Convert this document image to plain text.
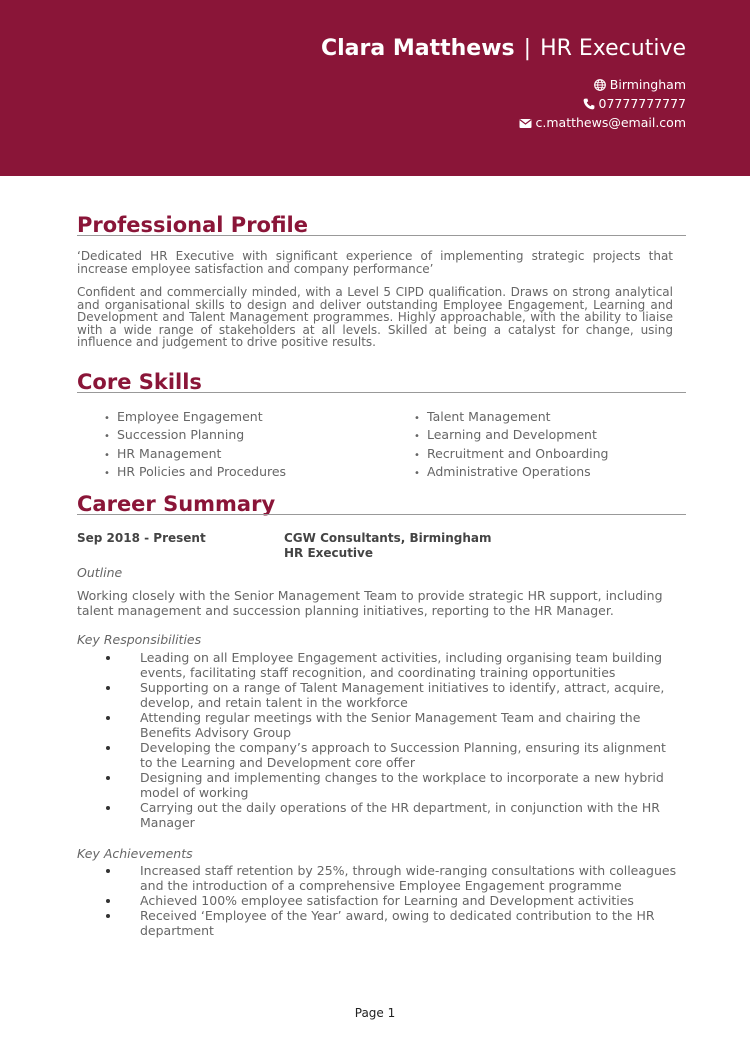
Clara Matthews | HR Executive
Birmingham
07777777777
c.matthews@email.com
Professional Profile

‘Dedicated HR Executive with significant experience of implementing strategic projects that increase employee satisfaction and company performance’

Confident and commercially minded, with a Level 5 CIPD qualification. Draws on strong analytical and organisational skills to design and deliver outstanding Employee Engagement, Learning and Development and Talent Management programmes. Highly approachable, with the ability to liaise with a wide range of stakeholders at all levels. Skilled at being a catalyst for change, using influence and judgement to drive positive results.

Core Skills
• Employee Engagement
• Succession Planning
• HR Management
• HR Policies and Procedures
• Talent Management
• Learning and Development
• Recruitment and Onboarding
• Administrative Operations
Career Summary
Sep 2018 - Present	CGW Consultants, Birmingham
HR Executive
Outline

Working closely with the Senior Management Team to provide strategic HR support, including talent management and succession planning initiatives, reporting to the HR Manager.

Key Responsibilities
Leading on all Employee Engagement activities, including organising team building events, facilitating staff recognition, and coordinating training opportunities
Supporting on a range of Talent Management initiatives to identify, attract, acquire, develop, and retain talent in the workforce
Attending regular meetings with the Senior Management Team and chairing the Benefits Advisory Group
Developing the company’s approach to Succession Planning, ensuring its alignment to the Learning and Development core offer
Designing and implementing changes to the workplace to incorporate a new hybrid model of working
Carrying out the daily operations of the HR department, in conjunction with the HR Manager
Key Achievements
Increased staff retention by 25%, through wide-ranging consultations with colleagues and the introduction of a comprehensive Employee Engagement programme
Achieved 100% employee satisfaction for Learning and Development activities
Received ‘Employee of the Year’ award, owing to dedicated contribution to the HR department
Page 1
